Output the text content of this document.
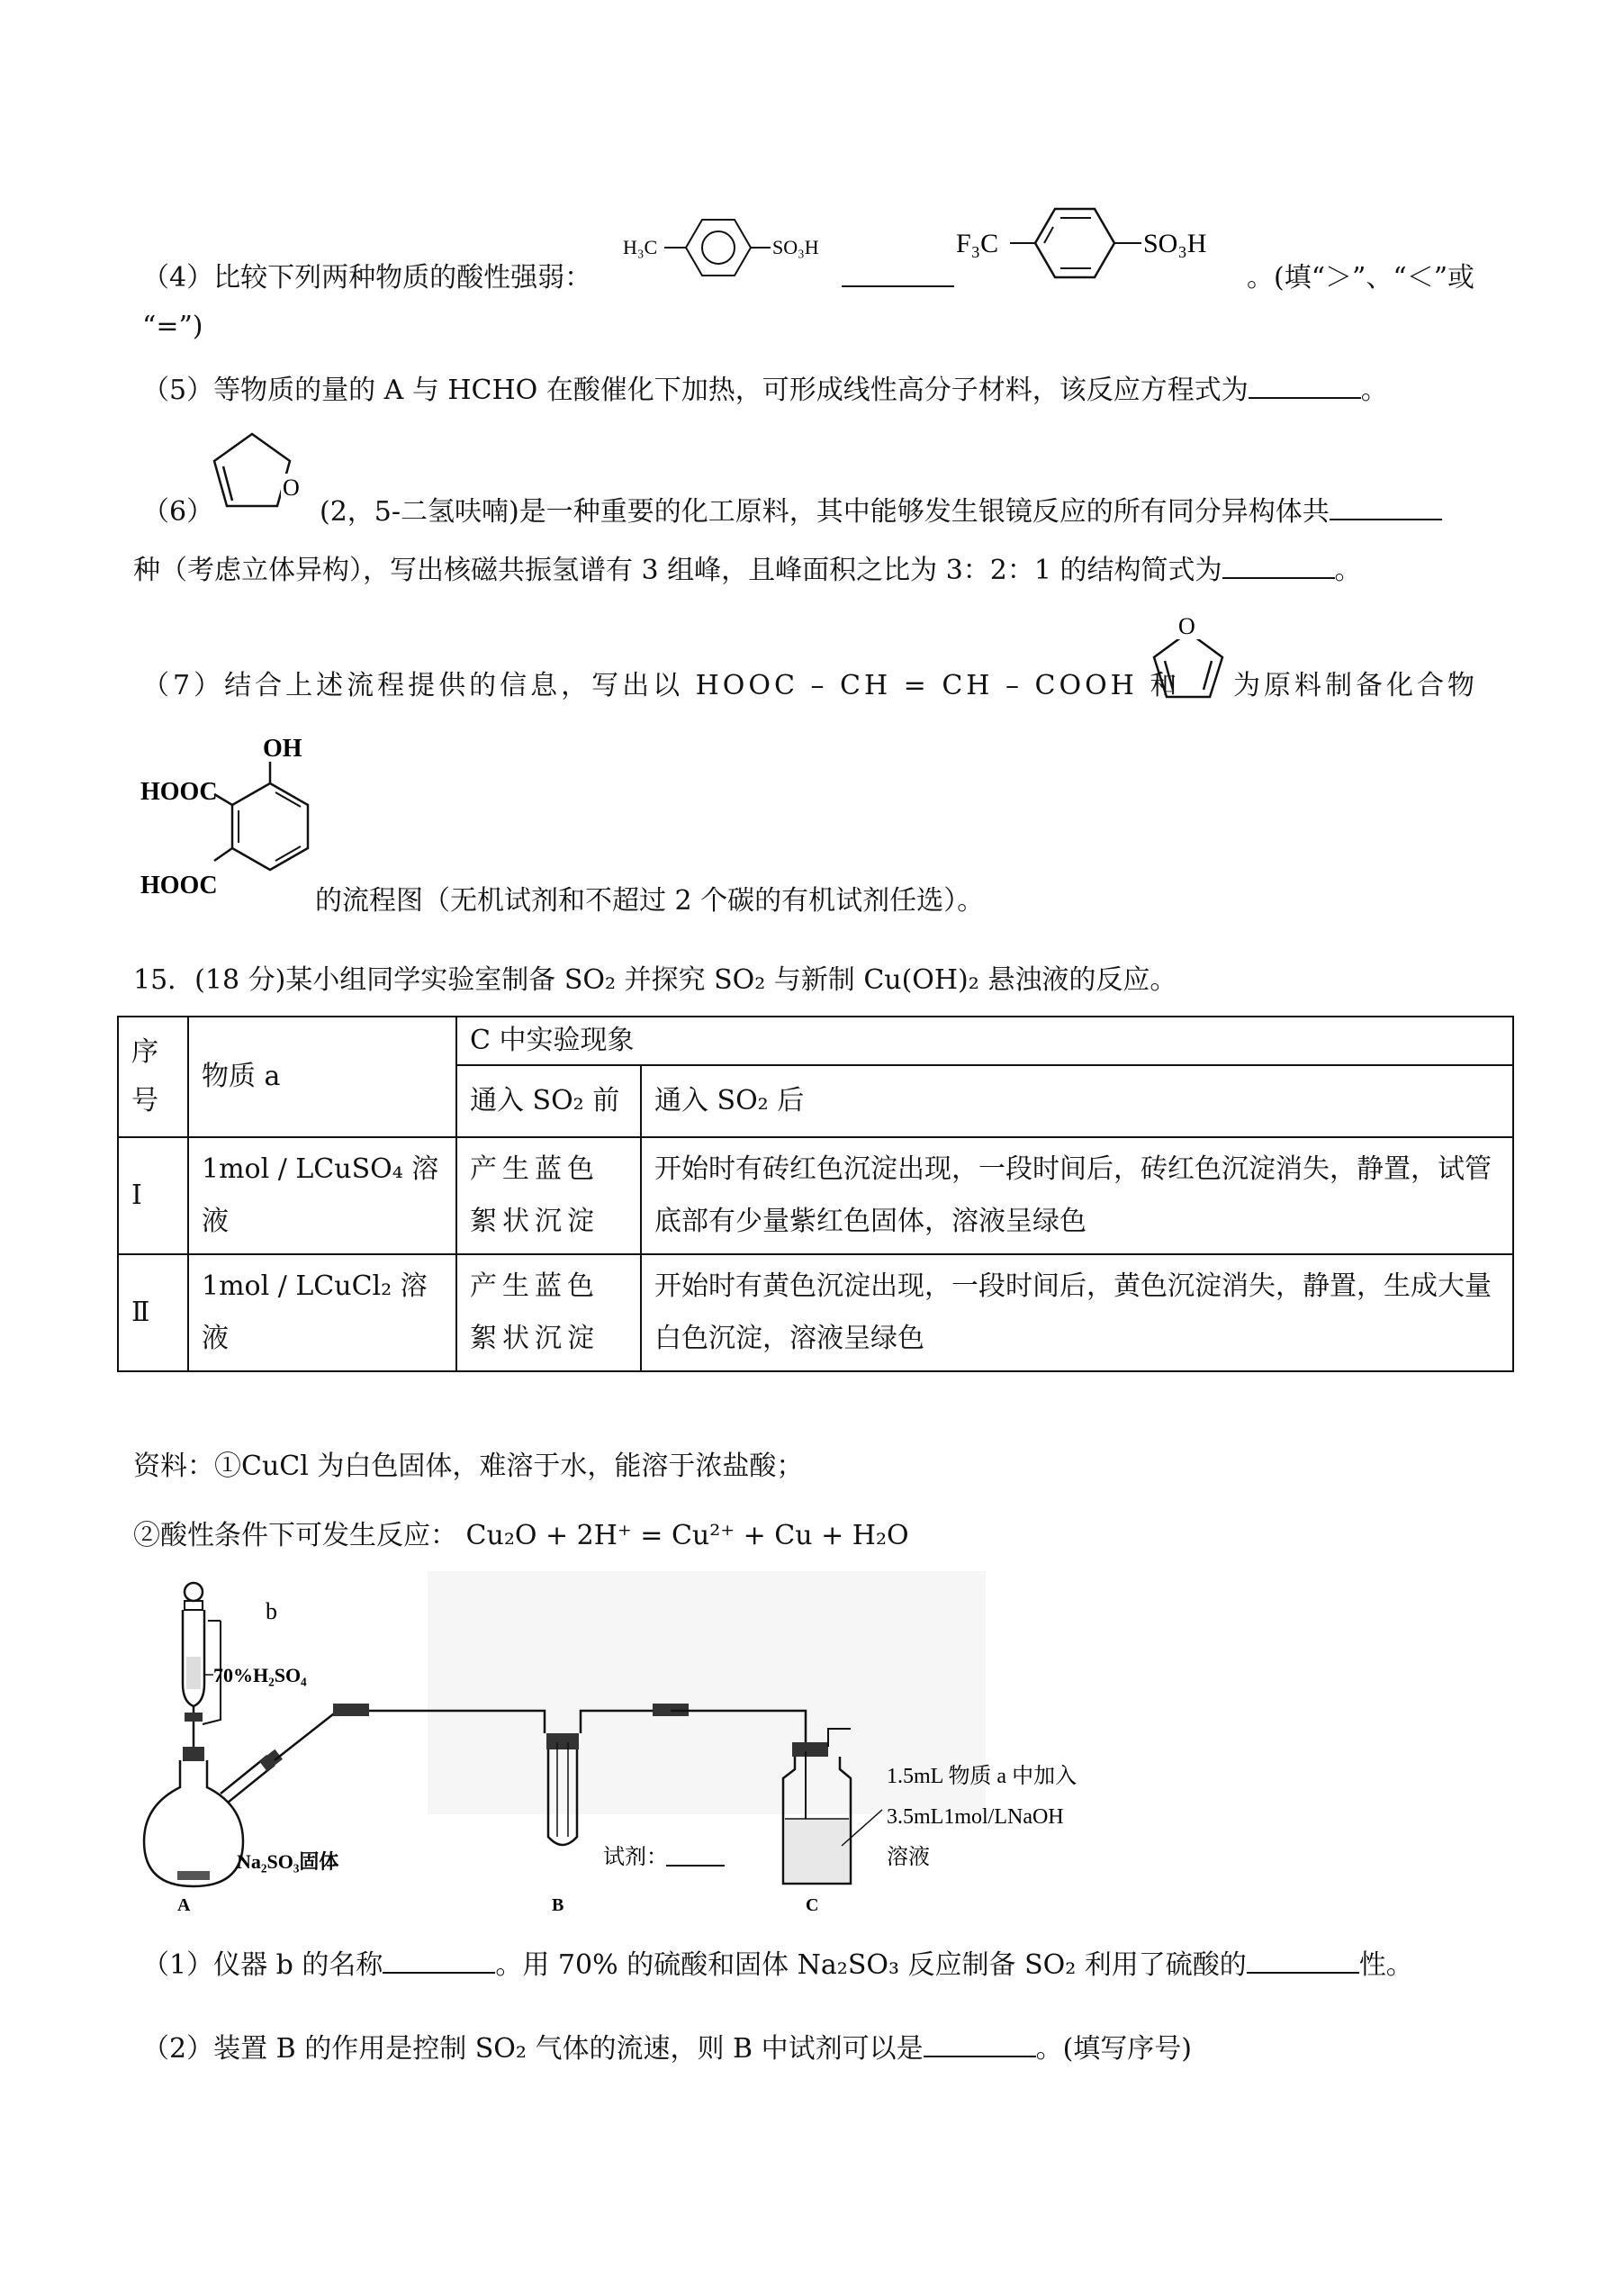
（4）比较下列两种物质的酸性强弱：
H₃C	SO₃H	F₃C	SO₃H
。(填“＞”、“＜”或
“=”)
（5）等物质的量的 A 与 HCHO 在酸催化下加热，可形成线性高分子材料，该反应方程式为	。
（6）
O
(2，5-二氢呋喃)是一种重要的化工原料，其中能够发生银镜反应的所有同分异构体共
种（考虑立体异构），写出核磁共振氢谱有 3 组峰，且峰面积之比为 3：2：1 的结构简式为	。
（7）结合上述流程提供的信息，写出以 HOOC – CH = CH – COOH 和
O
为原料制备化合物
OH
HOOC
HOOC	的流程图（无机试剂和不超过 2 个碳的有机试剂任选）。
15．(18 分)某小组同学实验室制备 SO₂ 并探究 SO₂ 与新制 Cu(OH)₂ 悬浊液的反应。
序号	物质 a	C 中实验现象	
		通入 SO₂ 前	通入 SO₂ 后
Ⅰ	1mol / LCuSO₄ 溶液	产生蓝色絮状沉淀	开始时有砖红色沉淀出现，一段时间后，砖红色沉淀消失，静置，试管底部有少量紫红色固体，溶液呈绿色
Ⅱ	1mol / LCuCl₂ 溶液	产生蓝色絮状沉淀	开始时有黄色沉淀出现，一段时间后，黄色沉淀消失，静置，生成大量白色沉淀，溶液呈绿色
资料：①CuCl 为白色固体，难溶于水，能溶于浓盐酸；
②酸性条件下可发生反应： Cu₂O + 2H⁺ = Cu²⁺ + Cu + H₂O
b
70%H₂SO₄
Na₂SO₃固体
A	B
试剂：
C
1.5mL 物质 a 中加入
3.5mL1mol/LNaOH
溶液
（1）仪器 b 的名称	。用 70% 的硫酸和固体 Na₂SO₃ 反应制备 SO₂ 利用了硫酸的	性。
（2）装置 B 的作用是控制 SO₂ 气体的流速，则 B 中试剂可以是	。(填写序号)
